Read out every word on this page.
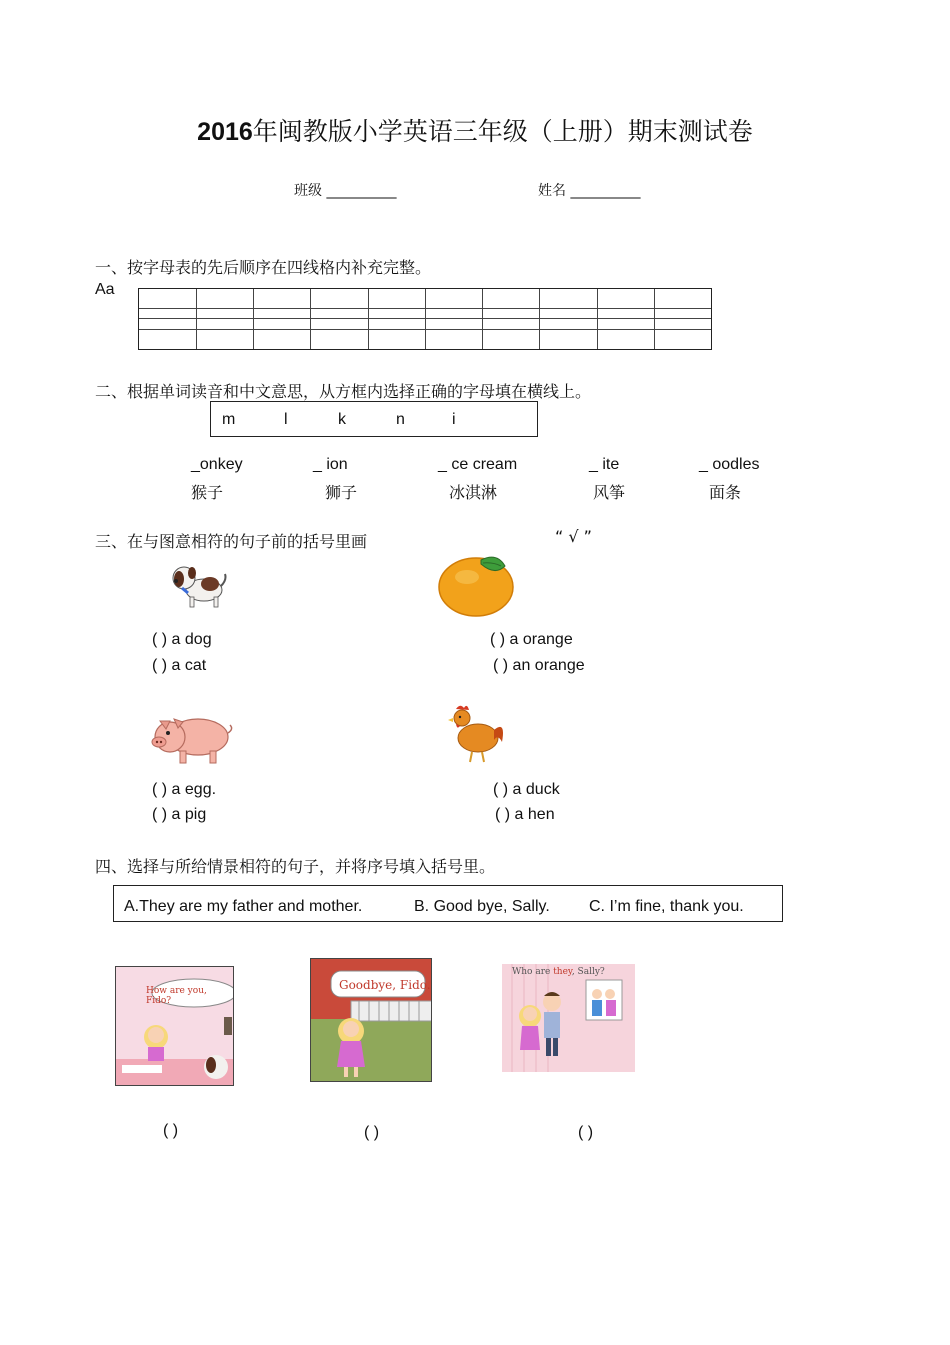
2016年闽教版小学英语三年级（上册）期末测试卷
班级 __________	姓名 __________
一、按字母表的先后顺序在四线格内补充完整。
Aa
二、根据单词读音和中文意思，从方框内选择正确的字母填在横线上。
m	l	k	n	i
_onkey
猴子
_ ion
狮子
_ ce cream
冰淇淋
_ ite
风筝
_ oodles
面条
三、在与图意相符的句子前的括号里画	“ √ ”
( ) a dog
( ) a cat
( ) a orange
( ) an orange
( ) a egg.
( ) a pig
( ) a duck
( ) a hen
四、选择与所给情景相符的句子，并将序号填入括号里。
A.They are my father and mother.	B. Good bye, Sally. C. I’m fine, thank you.
How are you, Fido?
Goodbye, Fido.
Who are they, Sally?
( )	( )	( )
